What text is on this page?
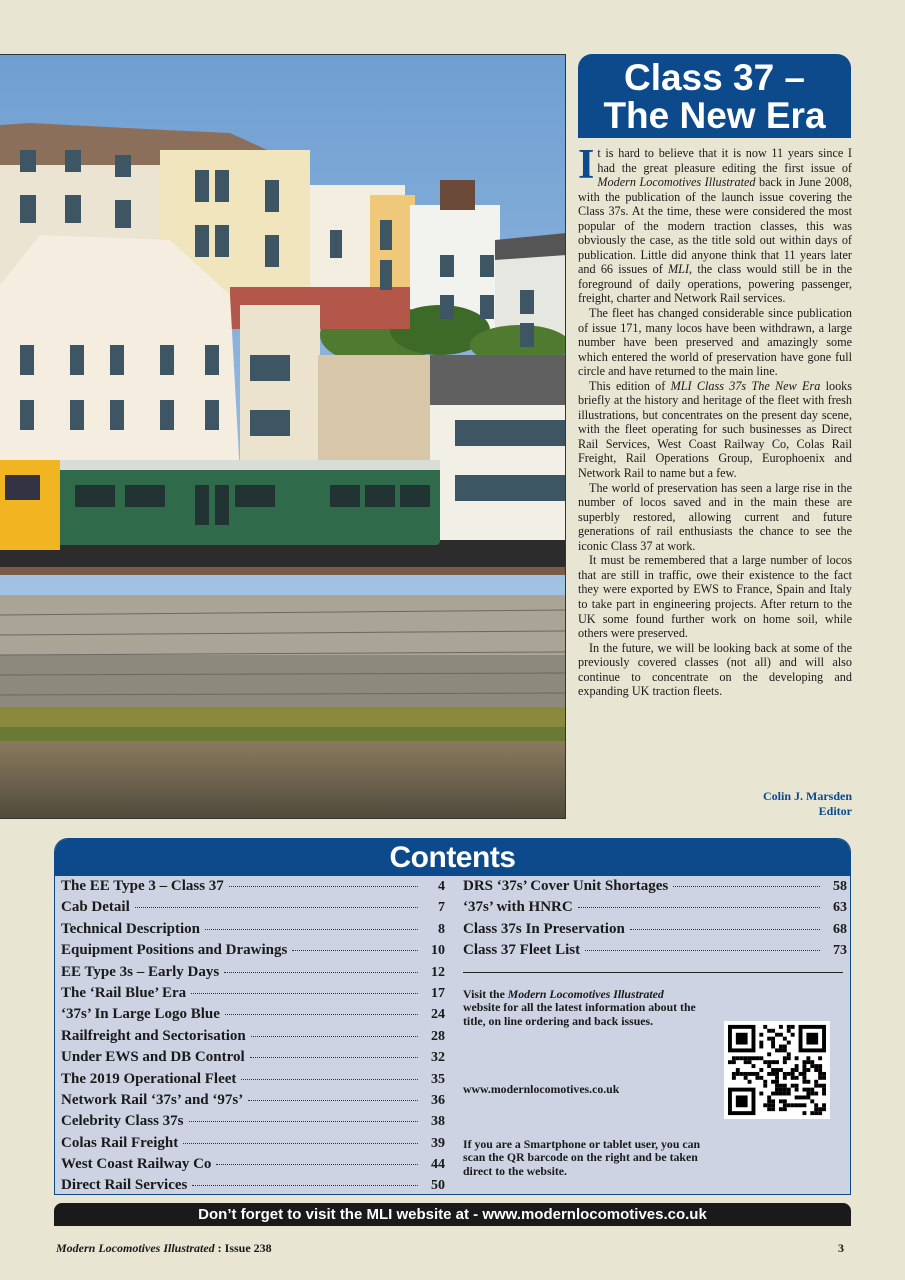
Class 37 –
The New Era

It is hard to believe that it is now 11 years since I had the great pleasure editing the first issue of Modern Locomotives Illustrated back in June 2008, with the publication of the launch issue covering the Class 37s. At the time, these were considered the most popular of the modern traction classes, this was obviously the case, as the title sold out within days of publication. Little did anyone think that 11 years later and 66 issues of MLI, the class would still be in the foreground of daily operations, powering passenger, freight, charter and Network Rail services.

The fleet has changed considerable since publication of issue 171, many locos have been withdrawn, a large number have been preserved and amazingly some which entered the world of preservation have gone full circle and have returned to the main line.

This edition of MLI Class 37s The New Era looks briefly at the history and heritage of the fleet with fresh illustrations, but concentrates on the present day scene, with the fleet operating for such businesses as Direct Rail Services, West Coast Railway Co, Colas Rail Freight, Rail Operations Group, Europhoenix and Network Rail to name but a few.

The world of preservation has seen a large rise in the number of locos saved and in the main these are superbly restored, allowing current and future generations of rail enthusiasts the chance to see the iconic Class 37 at work.

It must be remembered that a large number of locos that are still in traffic, owe their existence to the fact they were exported by EWS to France, Spain and Italy to take part in engineering projects. After return to the UK some found further work on home soil, while others were preserved.

In the future, we will be looking back at some of the previously covered classes (not all) and will also continue to concentrate on the developing and expanding UK traction fleets.

Colin J. Marsden
Editor
Contents
The EE Type 3 – Class 37	4
Cab Detail	7
Technical Description	8
Equipment Positions and Drawings	10
EE Type 3s – Early Days	12
The ‘Rail Blue’ Era	17
‘37s’ In Large Logo Blue	24
Railfreight and Sectorisation	28
Under EWS and DB Control	32
The 2019 Operational Fleet	35
Network Rail ‘37s’ and ‘97s’	36
Celebrity Class 37s	38
Colas Rail Freight	39
West Coast Railway Co	44
Direct Rail Services	50
DRS ‘37s’ Cover Unit Shortages	58
‘37s’ with HNRC	63
Class 37s In Preservation	68
Class 37 Fleet List	73
Visit the Modern Locomotives Illustrated website for all the latest information about the title, on line ordering and back issues.
www.modernlocomotives.co.uk
If you are a Smartphone or tablet user, you can scan the QR barcode on the right and be taken direct to the website.
Don’t forget to visit the MLI website at - www.modernlocomotives.co.uk
Modern Locomotives Illustrated : Issue 238	3
